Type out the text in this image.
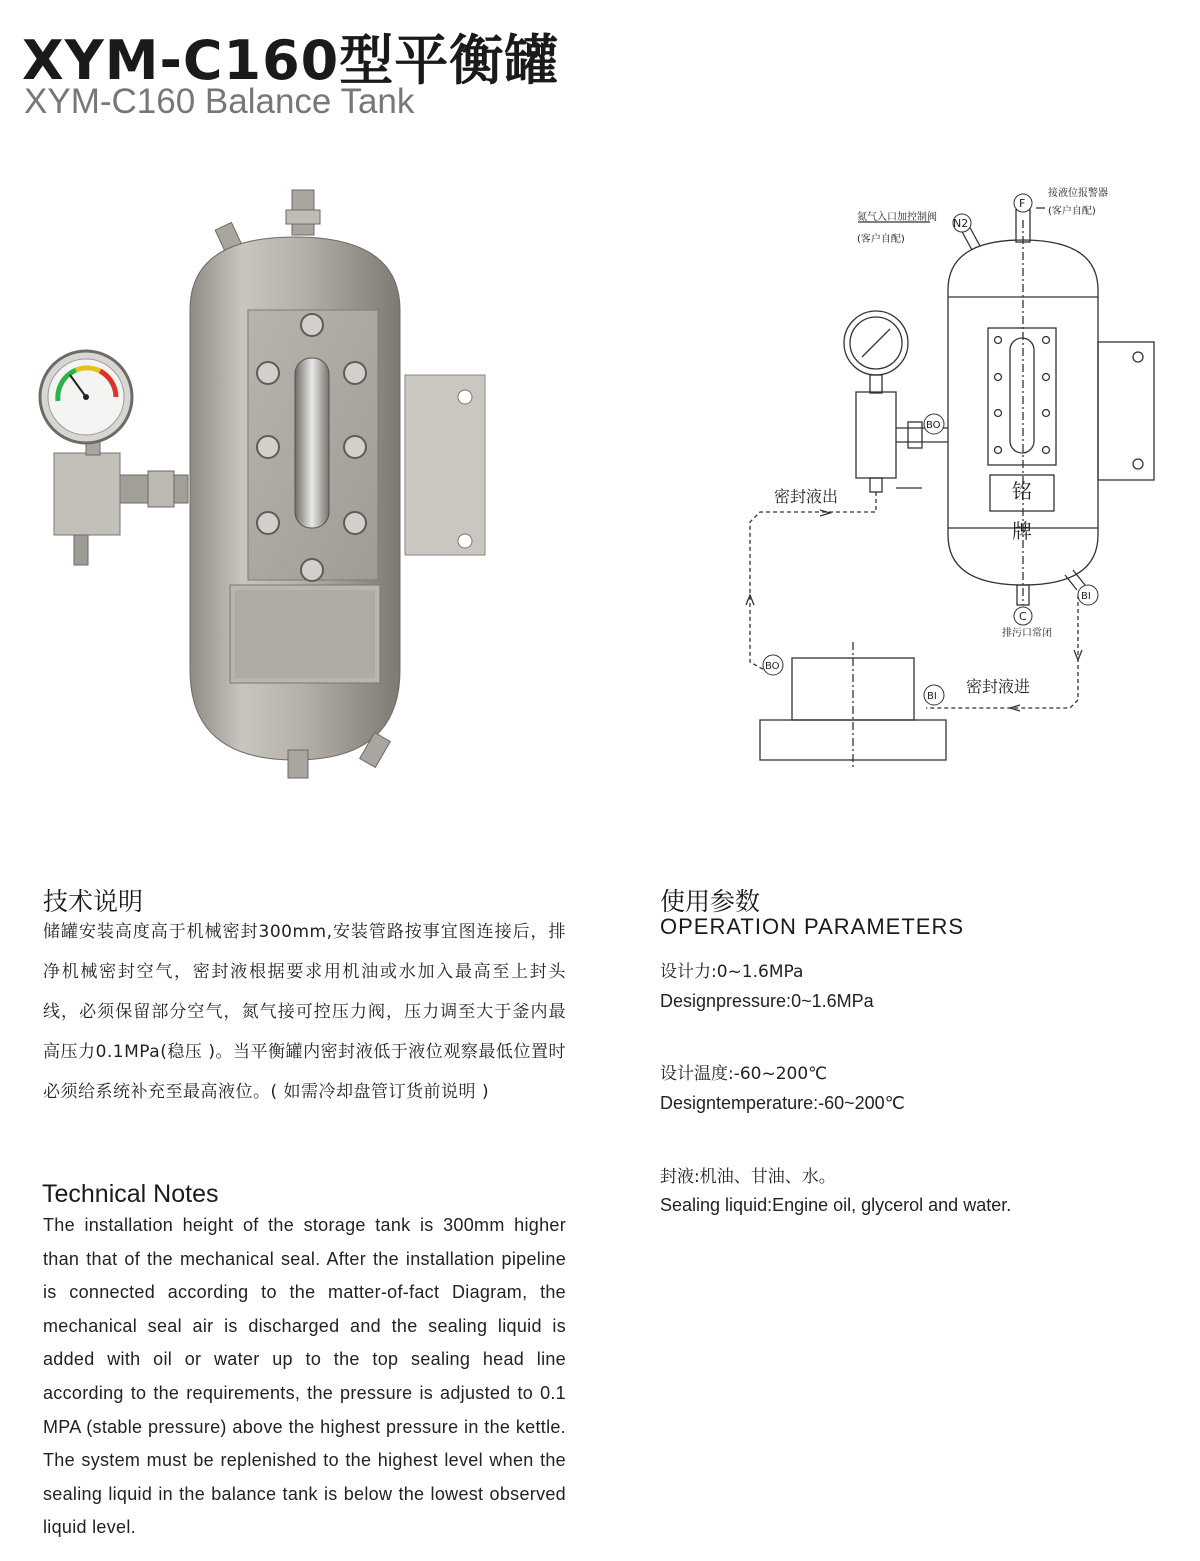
XYM-C160型平衡罐
XYM-C160 Balance Tank
N2
F
BO
C
BI
BO
BI
氮气入口加控制阀
(客户自配)
接液位报警器
(客户自配)
排污口常闭
密封液出
密封液进
铭
牌
技术说明
储罐安装高度高于机械密封300mm,安装管路按事宜图连接后，排净机械密封空气，密封液根据要求用机油或水加入最高至上封头线，必须保留部分空气，氮气接可控压力阀，压力调至大于釜内最高压力0.1MPa(稳压 )。当平衡罐内密封液低于液位观察最低位置时必须给系统补充至最高液位。( 如需冷却盘管订货前说明 )
Technical Notes
The installation height of the storage tank is 300mm higher than that of the mechanical seal. After the installation pipeline is connected according to the matter-of-fact Diagram, the mechanical seal air is discharged and the sealing liquid is added with oil or water up to the top sealing head line according to the requirements, the pressure is adjusted to 0.1 MPA (stable pressure) above the highest pressure in the kettle. The system must be replenished to the highest level when the sealing liquid in the balance tank is below the lowest observed liquid level.
使用参数
OPERATION PARAMETERS
设计力:0~1.6MPa
Designpressure:0~1.6MPa
设计温度:-60~200℃
Designtemperature:-60~200℃
封液:机油、甘油、水。
Sealing liquid:Engine oil, glycerol and water.
